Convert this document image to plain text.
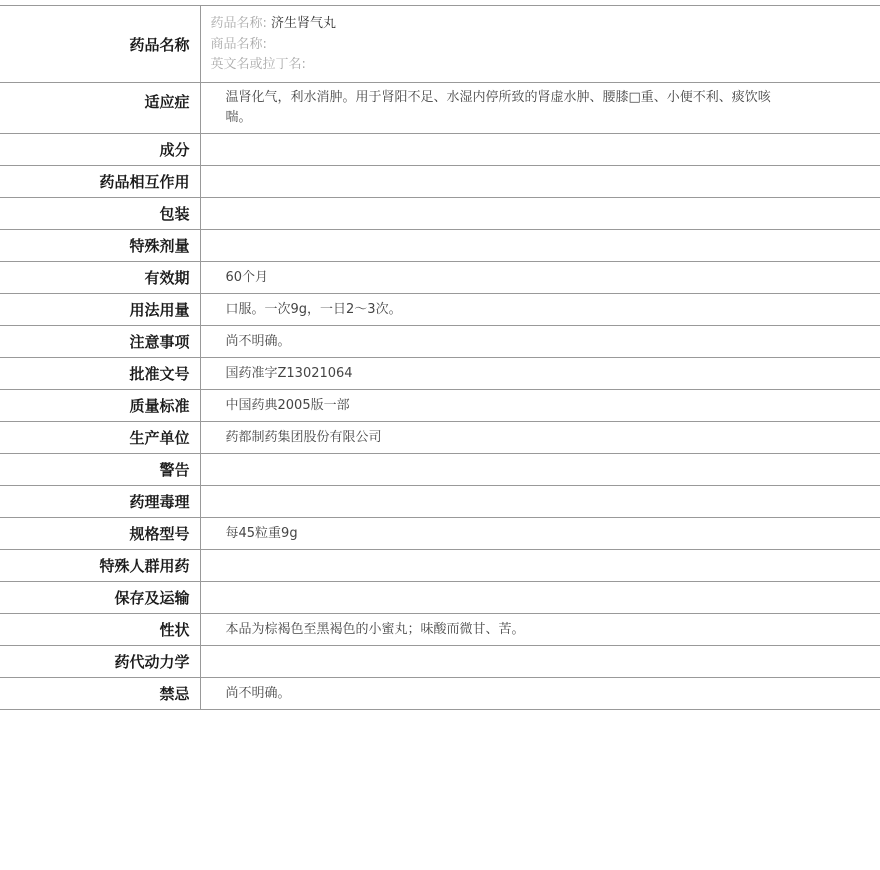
药品名称	药品名称: 济生肾气丸
商品名称:
英文名或拉丁名:

适应症	温肾化气，利水消肿。用于肾阳不足、水湿内停所致的肾虚水肿、腰膝□重、小便不利、痰饮咳喘。
成分	
药品相互作用	
包装	
特殊剂量	
有效期	60个月
用法用量	口服。一次9g，一日2～3次。
注意事项	尚不明确。
批准文号	国药准字Z13021064
质量标准	中国药典2005版一部
生产单位	药都制药集团股份有限公司
警告	
药理毒理	
规格型号	每45粒重9g
特殊人群用药	
保存及运输	
性状	本品为棕褐色至黑褐色的小蜜丸；味酸而微甘、苦。
药代动力学	
禁忌	尚不明确。
